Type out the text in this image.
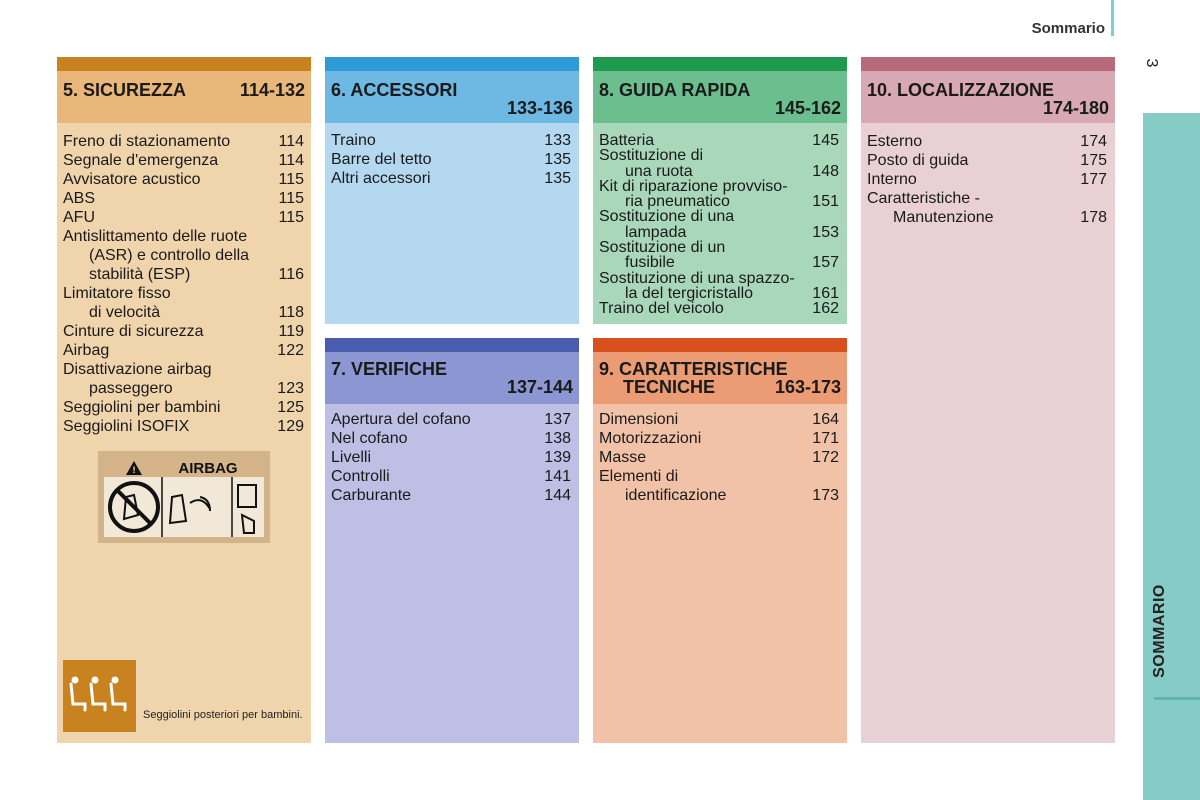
Sommario
3
SOMMARIO
5. SICUREZZA	114-132
Freno di stazionamento	114
Segnale d'emergenza	114
Avvisatore acustico	115
ABS	115
AFU	115
Antislittamento delle ruote
(ASR) e controllo della
stabilità (ESP)	116
Limitatore fisso
di velocità	118
Cinture di sicurezza	119
Airbag	122
Disattivazione airbag
passeggero	123
Seggiolini per bambini	125
Seggiolini ISOFIX	129
!	AIRBAG
Seggiolini posteriori per bambini.
6. ACCESSORI
133-136
Traino	133
Barre del tetto	135
Altri accessori	135
7. VERIFICHE
137-144
Apertura del cofano	137
Nel cofano	138
Livelli	139
Controlli	141
Carburante	144
8. GUIDA RAPIDA
145-162
Batteria	145
Sostituzione di
una ruota	148
Kit di riparazione provviso-
ria pneumatico	151
Sostituzione di una
lampada	153
Sostituzione di un
fusibile	157
Sostituzione di una spazzo-
la del tergicristallo	161
Traino del veicolo	162
9. CARATTERISTICHE
TECNICHE	163-173
Dimensioni	164
Motorizzazioni	171
Masse	172
Elementi di
identificazione	173
10. LOCALIZZAZIONE
174-180
Esterno	174
Posto di guida	175
Interno	177
Caratteristiche -
Manutenzione	178
